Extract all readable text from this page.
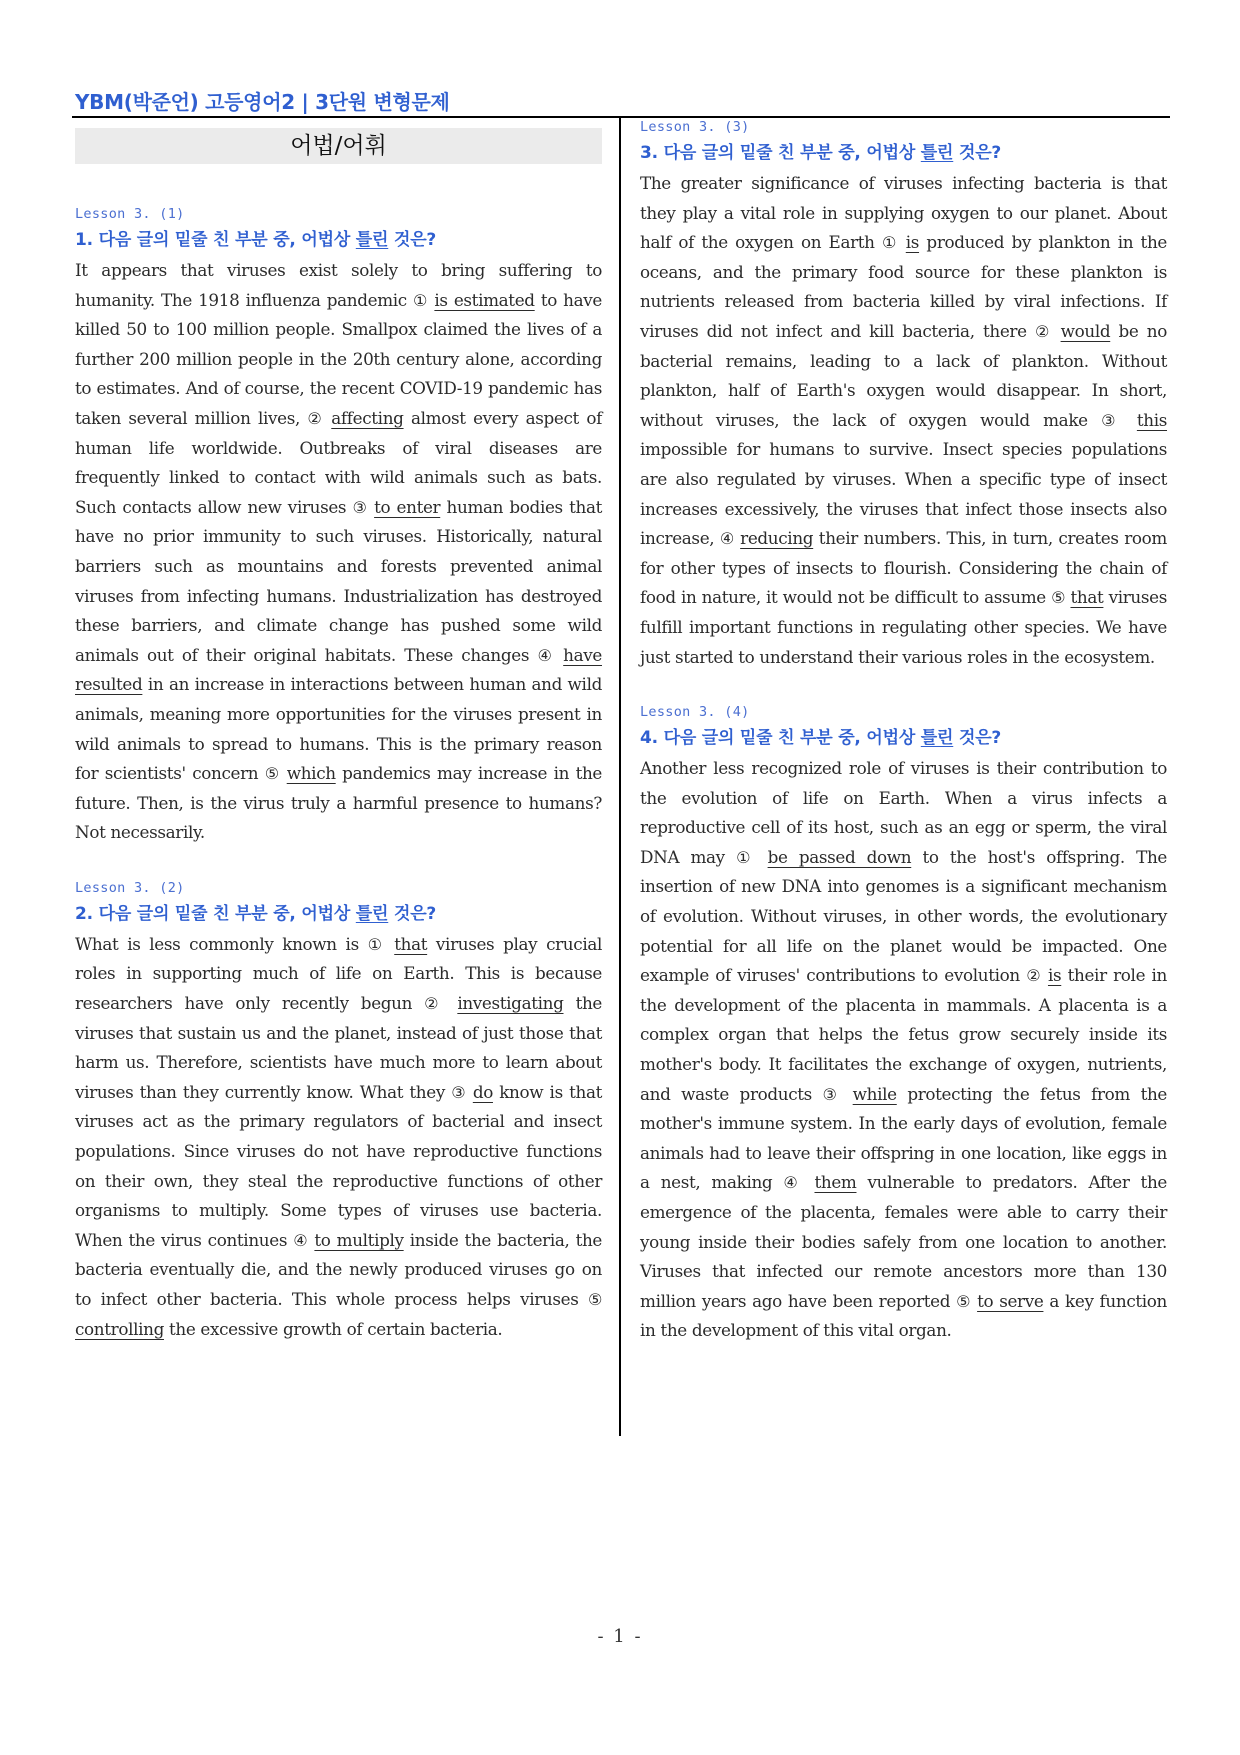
YBM(박준언) 고등영어2 | 3단원 변형문제
어법/어휘
Lesson 3. (1)
1. 다음 글의 밑줄 친 부분 중, 어법상 틀린 것은?

It appears that viruses exist solely to bring suffering to humanity. The 1918 influenza pandemic ① is estimated to have killed 50 to 100 million people. Smallpox claimed the lives of a further 200 million people in the 20th century alone, according to estimates. And of course, the recent COVID-19 pandemic has taken several million lives, ② affecting almost every aspect of human life worldwide. Outbreaks of viral diseases are frequently linked to contact with wild animals such as bats. Such contacts allow new viruses ③ to enter human bodies that have no prior immunity to such viruses. Historically, natural barriers such as mountains and forests prevented animal viruses from infecting humans. Industrialization has destroyed these barriers, and climate change has pushed some wild animals out of their original habitats. These changes ④ have resulted in an increase in interactions between human and wild animals, meaning more opportunities for the viruses present in wild animals to spread to humans. This is the primary reason for scientists' concern ⑤ which pandemics may increase in the future. Then, is the virus truly a harmful presence to humans? Not necessarily.

Lesson 3. (2)
2. 다음 글의 밑줄 친 부분 중, 어법상 틀린 것은?

What is less commonly known is ① that viruses play crucial roles in supporting much of life on Earth. This is because researchers have only recently begun ② investigating the viruses that sustain us and the planet, instead of just those that harm us. Therefore, scientists have much more to learn about viruses than they currently know. What they ③ do know is that viruses act as the primary regulators of bacterial and insect populations. Since viruses do not have reproductive functions on their own, they steal the reproductive functions of other organisms to multiply. Some types of viruses use bacteria. When the virus continues ④ to multiply inside the bacteria, the bacteria eventually die, and the newly produced viruses go on to infect other bacteria. This whole process helps viruses ⑤ controlling the excessive growth of certain bacteria.

Lesson 3. (3)
3. 다음 글의 밑줄 친 부분 중, 어법상 틀린 것은?

The greater significance of viruses infecting bacteria is that they play a vital role in supplying oxygen to our planet. About half of the oxygen on Earth ① is produced by plankton in the oceans, and the primary food source for these plankton is nutrients released from bacteria killed by viral infections. If viruses did not infect and kill bacteria, there ② would be no bacterial remains, leading to a lack of plankton. Without plankton, half of Earth's oxygen would disappear. In short, without viruses, the lack of oxygen would make ③ this impossible for humans to survive. Insect species populations are also regulated by viruses. When a specific type of insect increases excessively, the viruses that infect those insects also increase, ④ reducing their numbers. This, in turn, creates room for other types of insects to flourish. Considering the chain of food in nature, it would not be difficult to assume ⑤ that viruses fulfill important functions in regulating other species. We have just started to understand their various roles in the ecosystem.

Lesson 3. (4)
4. 다음 글의 밑줄 친 부분 중, 어법상 틀린 것은?

Another less recognized role of viruses is their contribution to the evolution of life on Earth. When a virus infects a reproductive cell of its host, such as an egg or sperm, the viral DNA may ① be passed down to the host's offspring. The insertion of new DNA into genomes is a significant mechanism of evolution. Without viruses, in other words, the evolutionary potential for all life on the planet would be impacted. One example of viruses' contributions to evolution ② is their role in the development of the placenta in mammals. A placenta is a complex organ that helps the fetus grow securely inside its mother's body. It facilitates the exchange of oxygen, nutrients, and waste products ③ while protecting the fetus from the mother's immune system. In the early days of evolution, female animals had to leave their offspring in one location, like eggs in a nest, making ④ them vulnerable to predators. After the emergence of the placenta, females were able to carry their young inside their bodies safely from one location to another. Viruses that infected our remote ancestors more than 130 million years ago have been reported ⑤ to serve a key function in the development of this vital organ.

- 1 -
